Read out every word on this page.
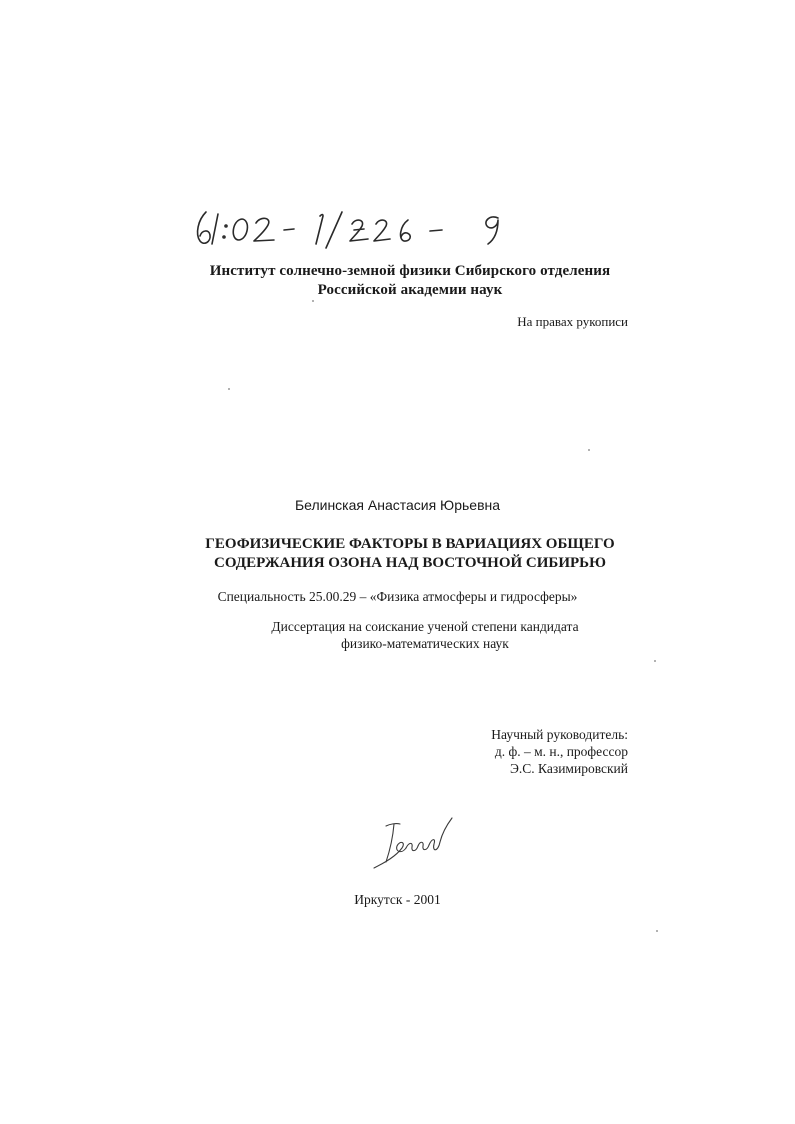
Институт солнечно-земной физики Сибирского отделения
Российской академии наук
На правах рукописи
Белинская Анастасия Юрьевна
ГЕОФИЗИЧЕСКИЕ ФАКТОРЫ В ВАРИАЦИЯХ ОБЩЕГО
СОДЕРЖАНИЯ ОЗОНА НАД ВОСТОЧНОЙ СИБИРЬЮ
Специальность 25.00.29 – «Физика атмосферы и гидросферы»
Диссертация на соискание ученой степени кандидата
физико-математических наук
Научный руководитель:
д. ф. – м. н., профессор
Э.С. Казимировский
Иркутск - 2001
